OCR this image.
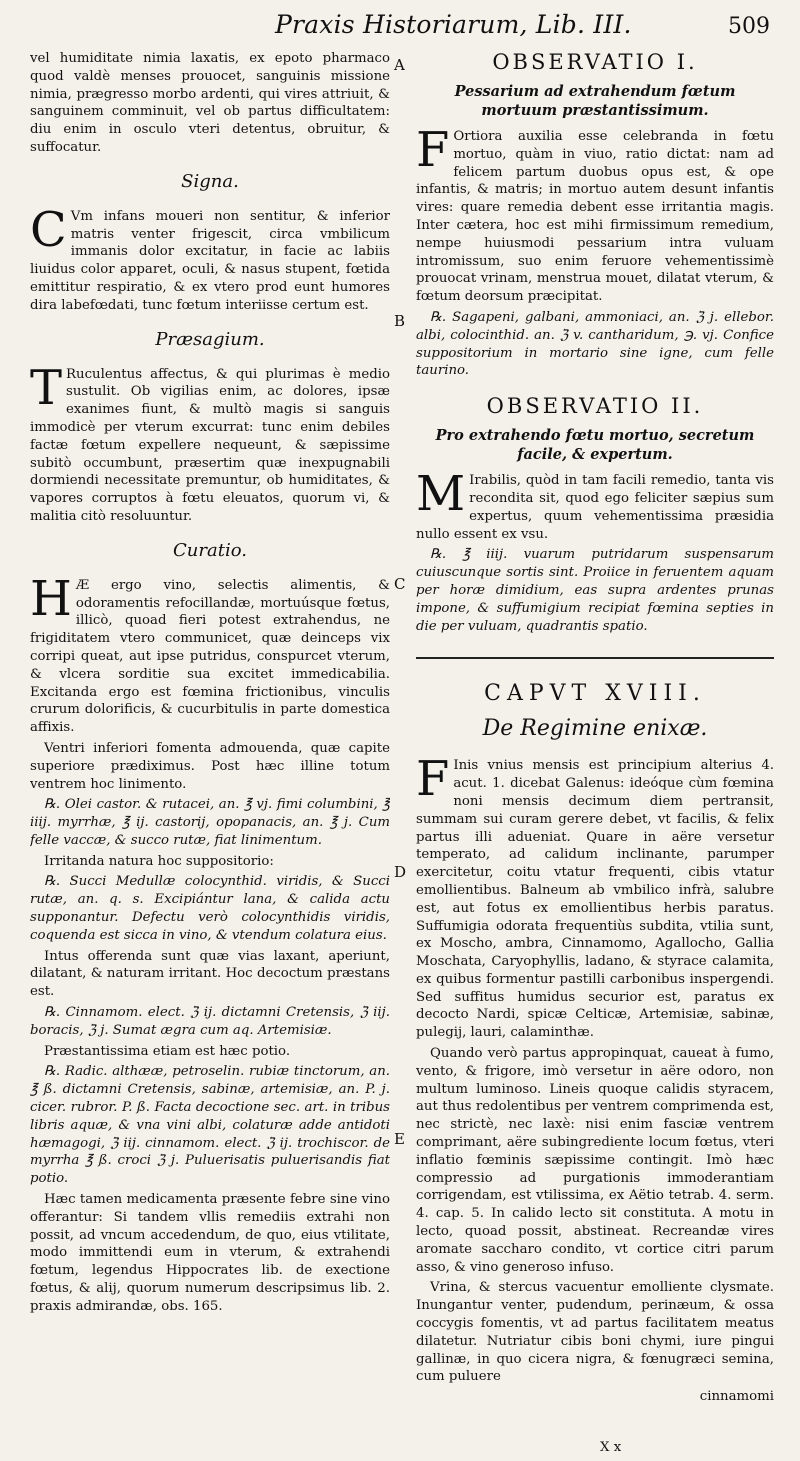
Praxis Historiarum, Lib. III.	509

vel humiditate nimia laxatis, ex epoto pharmaco quod valdè menses prouocet, sanguinis missione nimia, prægresso morbo ardenti, qui vires attriuit, & sanguinem comminuit, vel ob partus difficultatem: diu enim in osculo vteri detentus, obruitur, & suffocatur.

Signa.

C Vm infans moueri non sentitur, & inferior matris venter frigescit, circa vmbilicum immanis dolor excitatur, in facie ac labiis liuidus color apparet, oculi, & nasus stupent, fœtida emittitur respiratio, & ex vtero prod eunt humores dira labefœdati, tunc fœtum interiisse certum est.

Præsagium.

T Ruculentus affectus, & qui plurimas è medio sustulit. Ob vigilias enim, ac dolores, ipsæ exanimes fiunt, & multò magis si sanguis immodicè per vterum excurrat: tunc enim debiles factæ fœtum expellere nequeunt, & sæpissime subitò occumbunt, præsertim quæ inexpugnabili dormiendi necessitate premuntur, ob humiditates, & vapores corruptos à fœtu eleuatos, quorum vi, & malitia citò resoluuntur.

Curatio.

H Æ ergo vino, selectis alimentis, & odoramentis refocillandæ, mortuúsque fœtus, illicò, quoad fieri potest extrahendus, ne frigiditatem vtero communicet, quæ deinceps vix corripi queat, aut ipse putridus, conspurcet vterum, & vlcera sorditie sua excitet immedicabilia. Excitanda ergo est fœmina frictionibus, vinculis crurum dolorificis, & cucurbitulis in parte domestica affixis.

Ventri inferiori fomenta admouenda, quæ capite superiore prædiximus. Post hæc illine totum ventrem hoc linimento.

℞. Olei castor. & rutacei, an. ℥ vj. fimi columbini, ℥ iiij. myrrhæ, ℥ ij. castorij, opopanacis, an. ℥ j. Cum felle vaccæ, & succo rutæ, fiat linimentum.

Irritanda natura hoc suppositorio:

℞. Succi Medullæ colocynthid. viridis, & Succi rutæ, an. q. s. Excipiántur lana, & calida actu supponantur. Defectu verò colocynthidis viridis, coquenda est sicca in vino, & vtendum colatura eius.

Intus offerenda sunt quæ vias laxant, aperiunt, dilatant, & naturam irritant. Hoc decoctum præstans est.

℞. Cinnamom. elect. ℨ ij. dictamni Cretensis, ℨ iij. boracis, ℨ j. Sumat ægra cum aq. Artemisiæ.

Præstantissima etiam est hæc potio.

℞. Radic. althææ, petroselin. rubiæ tinctorum, an. ℥ ß. dictamni Cretensis, sabinæ, artemisiæ, an. P. j. cicer. rubror. P. ß. Facta decoctione sec. art. in tribus libris aquæ, & vna vini albi, colaturæ adde antidoti hæmagogi, ℨ iij. cinnamom. elect. ℨ ij. trochiscor. de myrrha ℥ ß. croci ℨ j. Puluerisatis puluerisandis fiat potio.

Hæc tamen medicamenta præsente febre sine vino offerantur: Si tandem vllis remediis extrahi non possit, ad vncum accedendum, de quo, eius vtilitate, modo immittendi eum in vterum, & extrahendi fœtum, legendus Hippocrates lib. de exectione fœtus, & alij, quorum numerum descripsimus lib. 2. praxis admirandæ, obs. 165.

A
B
C
D
E
OBSERVATIO I.
Pessarium ad extrahendum fœtum mortuum præstantissimum.

F Ortiora auxilia esse celebranda in fœtu mortuo, quàm in viuo, ratio dictat: nam ad felicem partum duobus opus est, & ope infantis, & matris; in mortuo autem desunt infantis vires: quare remedia debent esse irritantia magis. Inter cætera, hoc est mihi firmissimum remedium, nempe huiusmodi pessarium intra vuluam intromissum, suo enim feruore vehementissimè prouocat vrinam, menstrua mouet, dilatat vterum, & fœtum deorsum præcipitat.

℞. Sagapeni, galbani, ammoniaci, an. ℨ j. ellebor. albi, colocinthid. an. ℨ v. cantharidum, ℈. vj. Confice suppositorium in mortario sine igne, cum felle taurino.

OBSERVATIO II.
Pro extrahendo fœtu mortuo, secretum facile, & expertum.

M Irabilis, quòd in tam facili remedio, tanta vis recondita sit, quod ego feliciter sæpius sum expertus, quum vehementissima præsidia nullo essent ex vsu.

℞. ℥ iiij. vuarum putridarum suspensarum cuiuscunque sortis sint. Proiice in feruentem aquam per horæ dimidium, eas supra ardentes prunas impone, & suffumigium recipiat fœmina septies in die per vuluam, quadrantis spatio.

CAPVT XVIII.
De Regimine enixæ.

F Inis vnius mensis est principium alterius 4. acut. 1. dicebat Galenus: ideóque cùm fœmina noni mensis decimum diem pertransit, summam sui curam gerere debet, vt facilis, & felix partus illi adueniat. Quare in aëre versetur temperato, ad calidum inclinante, parumper exercitetur, coitu vtatur frequenti, cibis vtatur emollientibus. Balneum ab vmbilico infrà, salubre est, aut fotus ex emollientibus herbis paratus. Suffumigia odorata frequentiùs subdita, vtilia sunt, ex Moscho, ambra, Cinnamomo, Agallocho, Gallia Moschata, Caryophyllis, ladano, & styrace calamita, ex quibus formentur pastilli carbonibus inspergendi. Sed suffitus humidus securior est, paratus ex decocto Nardi, spicæ Celticæ, Artemisiæ, sabinæ, pulegij, lauri, calaminthæ.

Quando verò partus appropinquat, caueat à fumo, vento, & frigore, imò versetur in aëre odoro, non multum luminoso. Lineis quoque calidis styracem, aut thus redolentibus per ventrem comprimenda est, nec strictè, nec laxè: nisi enim fasciæ ventrem comprimant, aëre subingrediente locum fœtus, vteri inflatio fœminis sæpissime contingit. Imò hæc compressio ad purgationis immoderantiam corrigendam, est vtilissima, ex Aëtio tetrab. 4. serm. 4. cap. 5. In calido lecto sit constituta. A motu in lecto, quoad possit, abstineat. Recreandæ vires aromate saccharo condito, vt cortice citri parum asso, & vino generoso infuso.

Vrina, & stercus vacuentur emolliente clysmate. Inungantur venter, pudendum, perinæum, & ossa coccygis fomentis, vt ad partus facilitatem meatus dilatetur. Nutriatur cibis boni chymi, iure pingui gallinæ, in quo cicera nigra, & fœnugræci semina, cum puluere

cinnamomi
X x
